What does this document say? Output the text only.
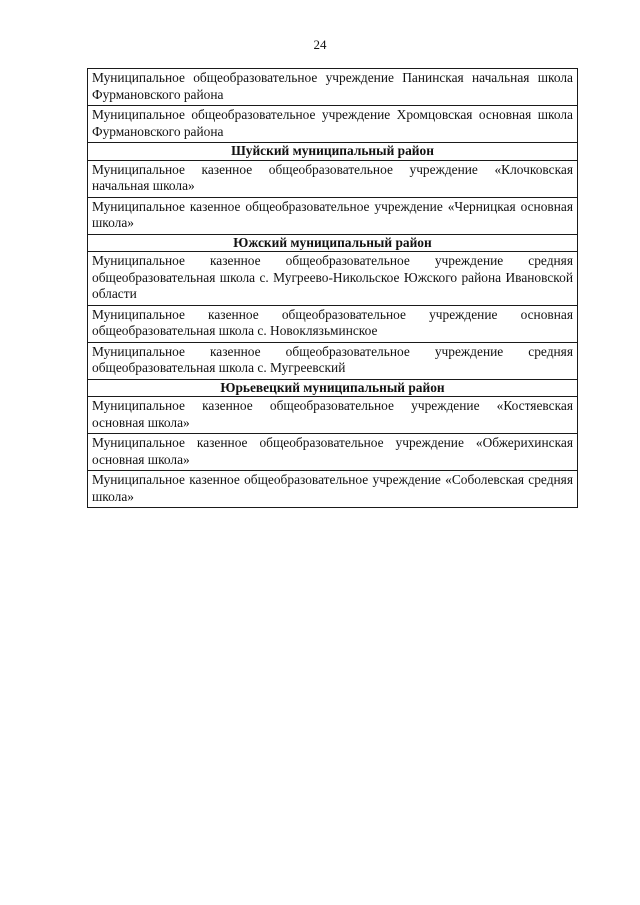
24
Муниципальное общеобразовательное учреждение Панинская начальная школа Фурмановского района
Муниципальное общеобразовательное учреждение Хромцовская основная школа Фурмановского района
Шуйский муниципальный район
Муниципальное казенное общеобразовательное учреждение «Клочковская начальная школа»
Муниципальное казенное общеобразовательное учреждение «Черницкая основная школа»
Южский муниципальный район
Муниципальное казенное общеобразовательное учреждение средняя общеобразовательная школа с. Мугреево-Никольское Южского района Ивановской области
Муниципальное казенное общеобразовательное учреждение основная общеобразовательная школа с. Новоклязьминское
Муниципальное казенное общеобразовательное учреждение средняя общеобразовательная школа с. Мугреевский
Юрьевецкий муниципальный район
Муниципальное казенное общеобразовательное учреждение «Костяевская основная школа»
Муниципальное казенное общеобразовательное учреждение «Обжерихинская основная школа»
Муниципальное казенное общеобразовательное учреждение «Соболевская средняя школа»
